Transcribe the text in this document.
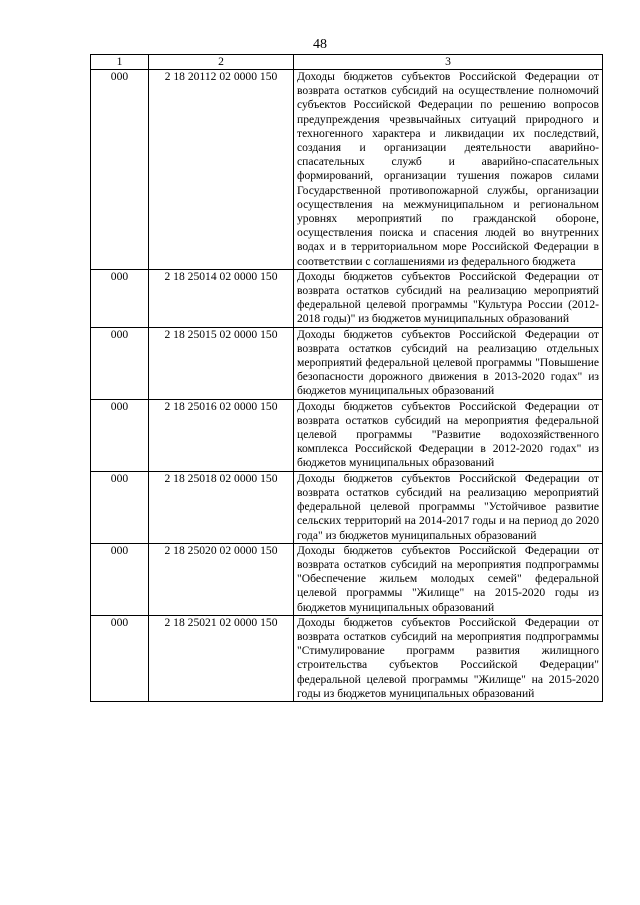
48
1	2	3
000	2 18 20112 02 0000 150	Доходы бюджетов субъектов Российской Федерации от возврата остатков субсидий на осуществление полномочий субъектов Российской Федерации по решению вопросов предупреждения чрезвычайных ситуаций природного и техногенного характера и ликвидации их последствий, создания и организации деятельности аварийно-спасательных служб и аварийно-спасательных формирований, организации тушения пожаров силами Государственной противопожарной службы, организации осуществления на межмуниципальном и региональном уровнях мероприятий по гражданской обороне, осуществления поиска и спасения людей во внутренних водах и в территориальном море Российской Федерации в соответствии с соглашениями из федерального бюджета
000	2 18 25014 02 0000 150	Доходы бюджетов субъектов Российской Федерации от возврата остатков субсидий на реализацию мероприятий федеральной целевой программы "Культура России (2012-2018 годы)" из бюджетов муниципальных образований
000	2 18 25015 02 0000 150	Доходы бюджетов субъектов Российской Федерации от возврата остатков субсидий на реализацию отдельных мероприятий федеральной целевой программы "Повышение безопасности дорожного движения в 2013-2020 годах" из бюджетов муниципальных образований
000	2 18 25016 02 0000 150	Доходы бюджетов субъектов Российской Федерации от возврата остатков субсидий на мероприятия федеральной целевой программы "Развитие водохозяйственного комплекса Российской Федерации в 2012-2020 годах" из бюджетов муниципальных образований
000	2 18 25018 02 0000 150	Доходы бюджетов субъектов Российской Федерации от возврата остатков субсидий на реализацию мероприятий федеральной целевой программы "Устойчивое развитие сельских территорий на 2014-2017 годы и на период до 2020 года" из бюджетов муниципальных образований
000	2 18 25020 02 0000 150	Доходы бюджетов субъектов Российской Федерации от возврата остатков субсидий на мероприятия подпрограммы "Обеспечение жильем молодых семей" федеральной целевой программы "Жилище" на 2015-2020 годы из бюджетов муниципальных образований
000	2 18 25021 02 0000 150	Доходы бюджетов субъектов Российской Федерации от возврата остатков субсидий на мероприятия подпрограммы "Стимулирование программ развития жилищного строительства субъектов Российской Федерации" федеральной целевой программы "Жилище" на 2015-2020 годы из бюджетов муниципальных образований
